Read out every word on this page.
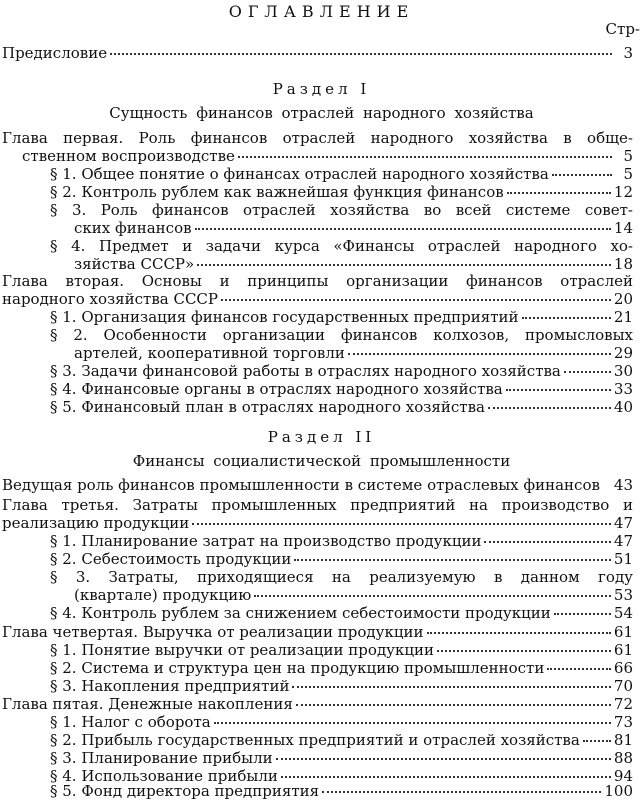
ОГЛАВЛЕНИЕ
Стр-
Предисловие	3
Раздел I
Сущность финансов отраслей народного хозяйства
Глава первая. Роль финансов отраслей народного хозяйства в обще-
ственном воспроизводстве	5
§ 1. Общее понятие о финансах отраслей народного хозяйства	5
§ 2. Контроль рублем как важнейшая функция финансов	12
§ 3. Роль финансов отраслей хозяйства во всей системе совет-
ских финансов	14
§ 4. Предмет и задачи курса «Финансы отраслей народного хо-
зяйства СССР»	18
Глава вторая. Основы и принципы организации финансов отраслей
народного хозяйства СССР	20
§ 1. Организация финансов государственных предприятий	21
§ 2. Особенности организации финансов колхозов, промысловых
артелей, кооперативной торговли	29
§ 3. Задачи финансовой работы в отраслях народного хозяйства	30
§ 4. Финансовые органы в отраслях народного хозяйства	33
§ 5. Финансовый план в отраслях народного хозяйства	40
Раздел II
Финансы социалистической промышленности
Ведущая роль финансов промышленности в системе отраслевых финансов 43
Глава третья. Затраты промышленных предприятий на производство и
реализацию продукции	47
§ 1. Планирование затрат на производство продукции	47
§ 2. Себестоимость продукции	51
§ 3. Затраты, приходящиеся на реализуемую в данном году
(квартале) продукцию	53
§ 4. Контроль рублем за снижением себестоимости продукции	54
Глава четвертая. Выручка от реализации продукции	61
§ 1. Понятие выручки от реализации продукции	61
§ 2. Система и структура цен на продукцию промышленности	66
§ 3. Накопления предприятий	70
Глава пятая. Денежные накопления	72
§ 1. Налог с оборота	73
§ 2. Прибыль государственных предприятий и отраслей хозяйства 81
§ 3. Планирование прибыли	88
§ 4. Использование прибыли	94
§ 5. Фонд директора предприятия	100
